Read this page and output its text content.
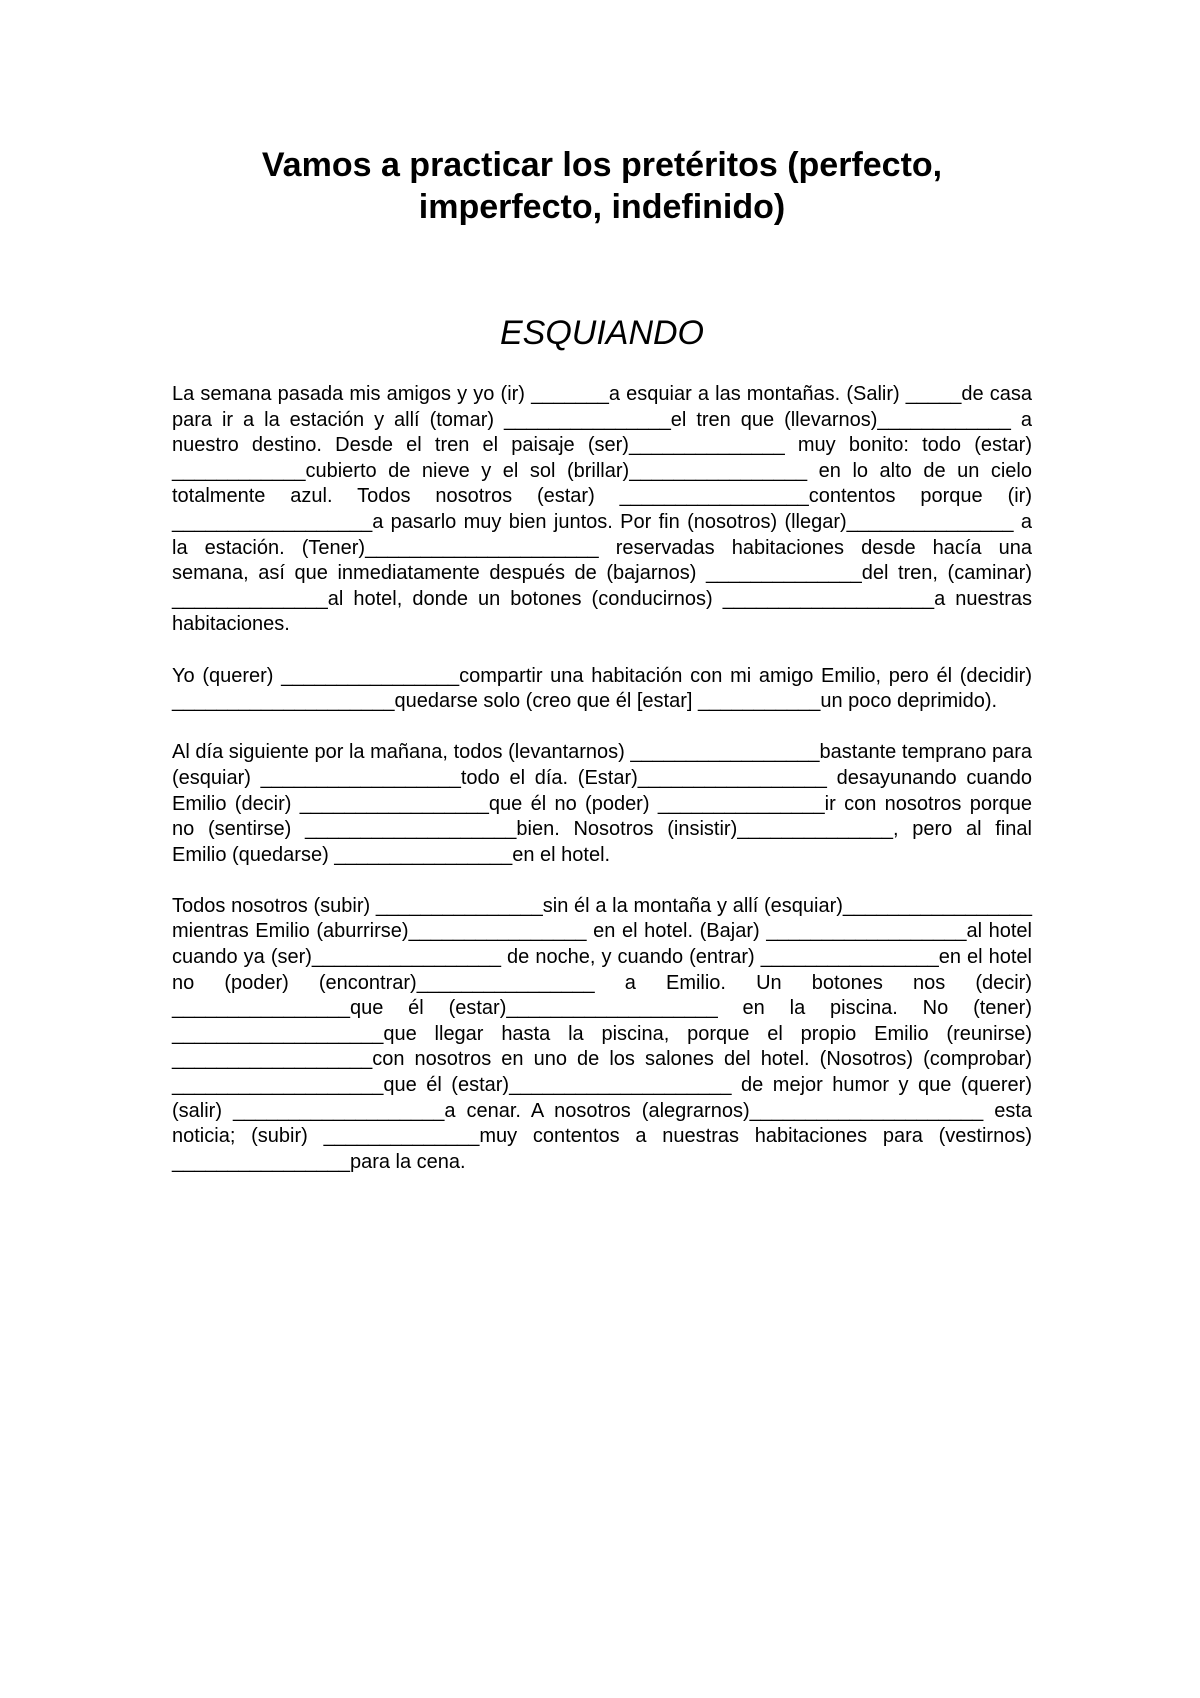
Vamos a practicar los pretéritos (perfecto, imperfecto, indefinido)
ESQUIANDO

La semana pasada mis amigos y yo (ir) _______a esquiar a las montañas. (Salir) _____de casa para ir a la estación y allí (tomar) _______________el tren que (llevarnos)____________ a nuestro destino. Desde el tren el paisaje (ser)______________ muy bonito: todo (estar) ____________cubierto de nieve y el sol (brillar)________________ en lo alto de un cielo totalmente azul. Todos nosotros (estar) _________________contentos porque (ir) __________________a pasarlo muy bien juntos. Por fin (nosotros) (llegar)_______________ a la estación. (Tener)_____________________ reservadas habitaciones desde hacía una semana, así que inmediatamente después de (bajarnos) ______________del tren, (caminar) ______________al hotel, donde un botones (conducirnos) ___________________a nuestras habitaciones.

Yo (querer) ________________compartir una habitación con mi amigo Emilio, pero él (decidir) ____________________quedarse solo (creo que él [estar] ___________un poco deprimido).

Al día siguiente por la mañana, todos (levantarnos) _________________bastante temprano para (esquiar) __________________todo el día. (Estar)_________________ desayunando cuando Emilio (decir) _________________que él no (poder) _______________ir con nosotros porque no (sentirse) ___________________bien. Nosotros (insistir)______________, pero al final Emilio (quedarse) ________________en el hotel.

Todos nosotros (subir) _______________sin él a la montaña y allí (esquiar)_________________ mientras Emilio (aburrirse)________________ en el hotel. (Bajar) __________________al hotel cuando ya (ser)_________________ de noche, y cuando (entrar) ________________en el hotel no (poder) (encontrar)________________ a Emilio. Un botones nos (decir) ________________que él (estar)___________________ en la piscina. No (tener) ___________________que llegar hasta la piscina, porque el propio Emilio (reunirse) __________________con nosotros en uno de los salones del hotel. (Nosotros) (comprobar) ___________________que él (estar)____________________ de mejor humor y que (querer) (salir) ___________________a cenar. A nosotros (alegrarnos)_____________________ esta noticia; (subir) ______________muy contentos a nuestras habitaciones para (vestirnos) ________________para la cena.
